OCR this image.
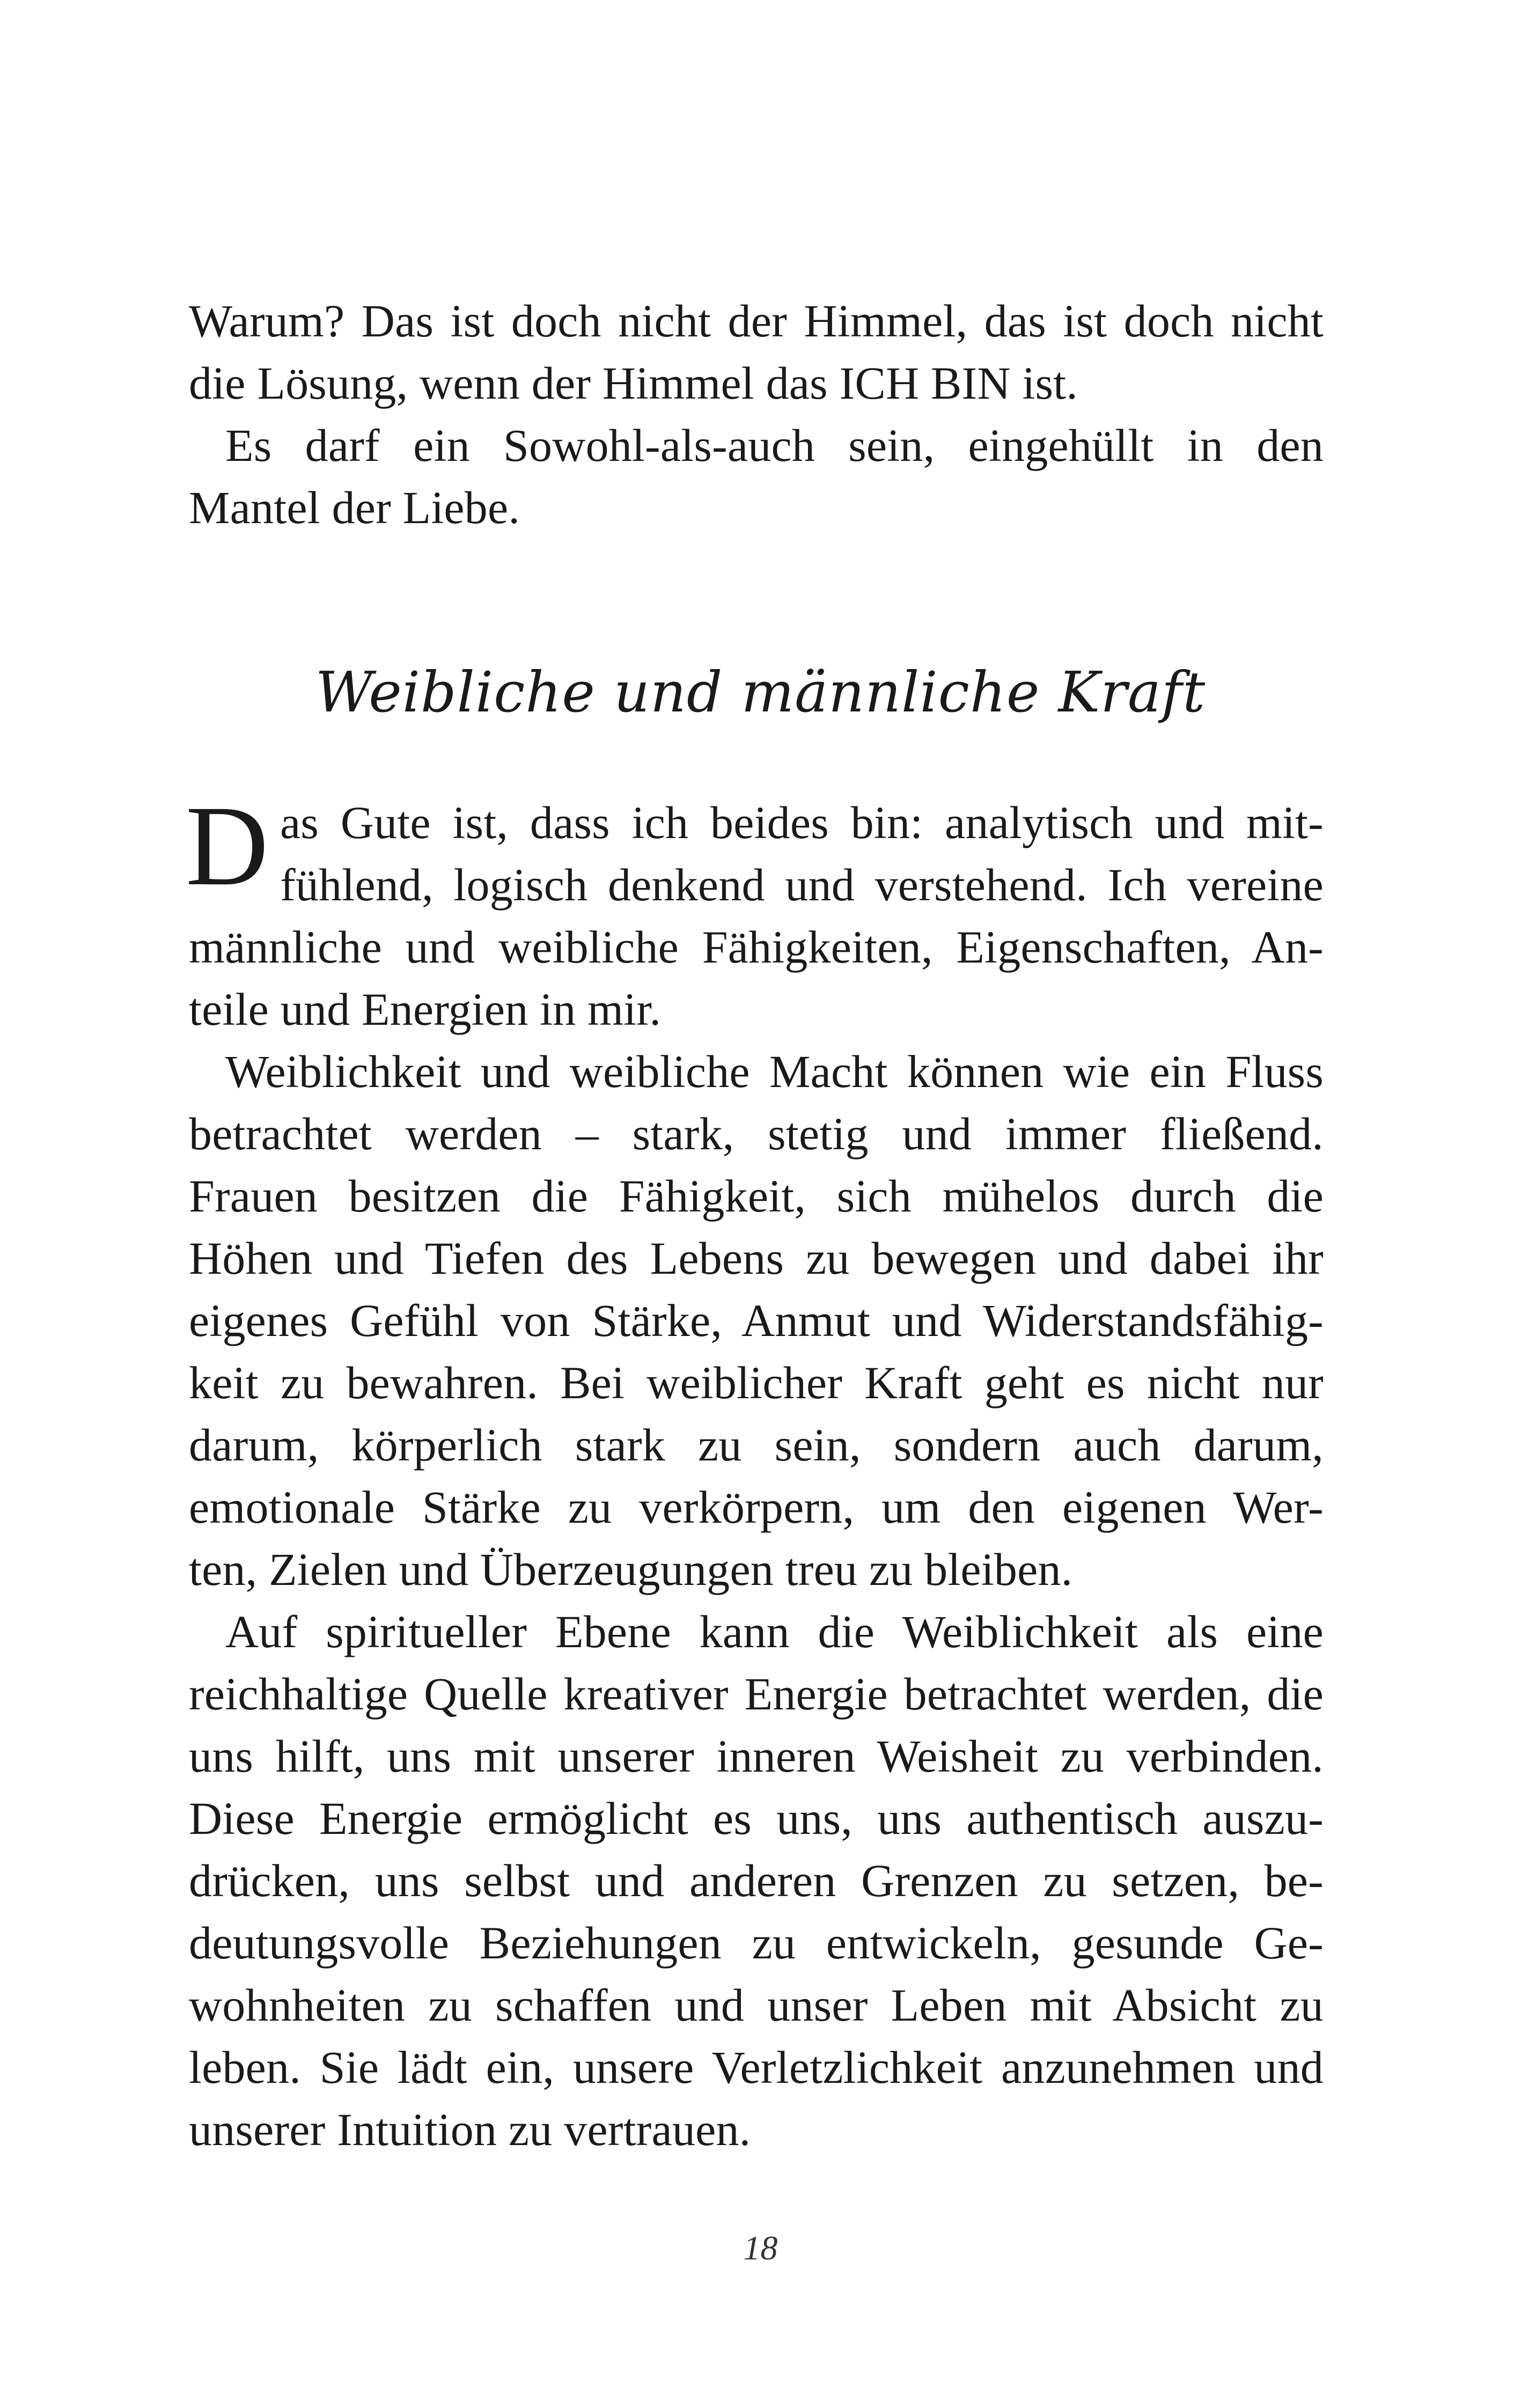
Warum? Das ist doch nicht der Himmel, das ist doch nicht
die Lösung, wenn der Himmel das ICH BIN ist.
Es darf ein Sowohl-als-auch sein, eingehüllt in den
Mantel der Liebe.
Weibliche und männliche Kraft
D as Gute ist, dass ich beides bin: analytisch und mit-
fühlend, logisch denkend und verstehend. Ich vereine
männliche und weibliche Fähigkeiten, Eigenschaften, An-
teile und Energien in mir.
Weiblichkeit und weibliche Macht können wie ein Fluss
betrachtet werden – stark, stetig und immer fließend.
Frauen besitzen die Fähigkeit, sich mühelos durch die
Höhen und Tiefen des Lebens zu bewegen und dabei ihr
eigenes Gefühl von Stärke, Anmut und Widerstandsfähig-
keit zu bewahren. Bei weiblicher Kraft geht es nicht nur
darum, körperlich stark zu sein, sondern auch darum,
emotionale Stärke zu verkörpern, um den eigenen Wer-
ten, Zielen und Überzeugungen treu zu bleiben.
Auf spiritueller Ebene kann die Weiblichkeit als eine
reichhaltige Quelle kreativer Energie betrachtet werden, die
uns hilft, uns mit unserer inneren Weisheit zu verbinden.
Diese Energie ermöglicht es uns, uns authentisch auszu-
drücken, uns selbst und anderen Grenzen zu setzen, be-
deutungsvolle Beziehungen zu entwickeln, gesunde Ge-
wohnheiten zu schaffen und unser Leben mit Absicht zu
leben. Sie lädt ein, unsere Verletzlichkeit anzunehmen und
unserer Intuition zu vertrauen.
18
